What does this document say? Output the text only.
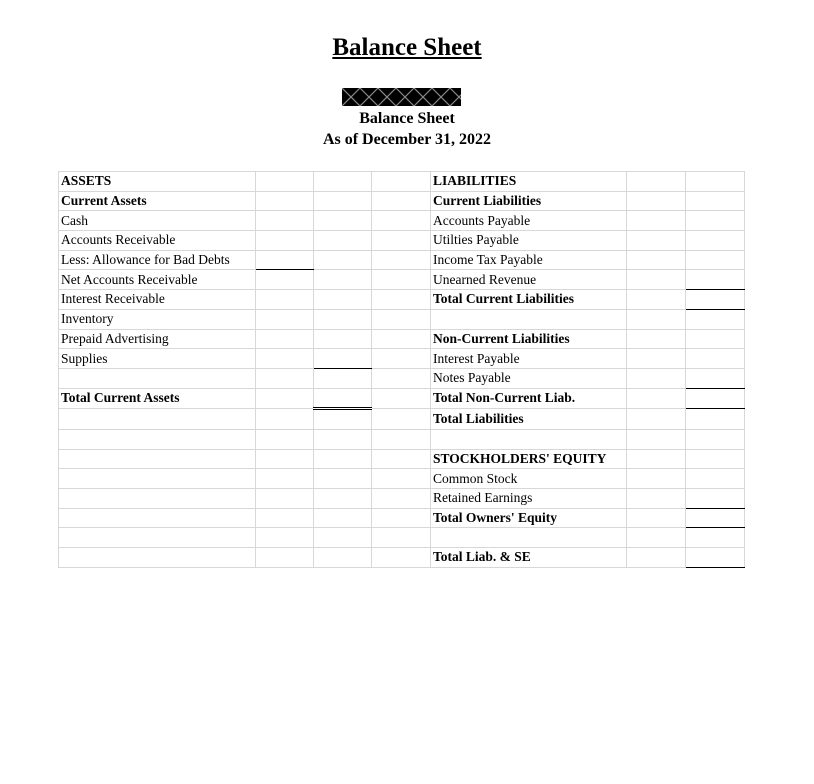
Balance Sheet
Balance Sheet
As of December 31, 2022
ASSETS				LIABILITIES		
Current Assets				Current Liabilities		
Cash				Accounts Payable		
Accounts Receivable				Utilties Payable		
Less: Allowance for Bad Debts				Income Tax Payable		
Net Accounts Receivable				Unearned Revenue		
Interest Receivable				Total Current Liabilities		
Inventory						
Prepaid Advertising				Non-Current Liabilities		
Supplies				Interest Payable		
				Notes Payable		
Total Current Assets				Total Non-Current Liab.		
				Total Liabilities		

				STOCKHOLDERS' EQUITY		
				Common Stock		
				Retained Earnings		
				Total Owners' Equity		

				Total Liab. & SE		
